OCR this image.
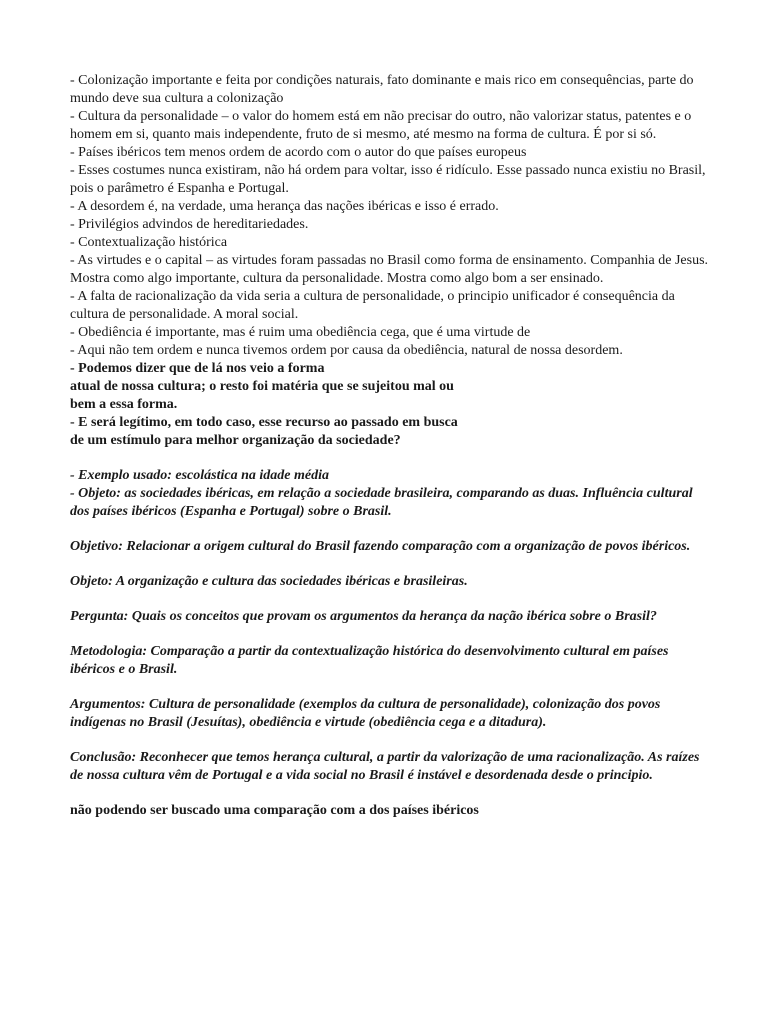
- Colonização importante e feita por condições naturais, fato dominante e mais rico em consequências, parte do mundo deve sua cultura a colonização

- Cultura da personalidade – o valor do homem está em não precisar do outro, não valorizar status, patentes e o homem em si, quanto mais independente, fruto de si mesmo, até mesmo na forma de cultura. É por si só.

- Países ibéricos tem menos ordem de acordo com o autor do que países europeus

- Esses costumes nunca existiram, não há ordem para voltar, isso é ridículo. Esse passado nunca existiu no Brasil, pois o parâmetro é Espanha e Portugal.

- A desordem é, na verdade, uma herança das nações ibéricas e isso é errado.

- Privilégios advindos de hereditariedades.

- Contextualização histórica

- As virtudes e o capital – as virtudes foram passadas no Brasil como forma de ensinamento. Companhia de Jesus. Mostra como algo importante, cultura da personalidade. Mostra como algo bom a ser ensinado.

- A falta de racionalização da vida seria a cultura de personalidade, o principio unificador é consequência da cultura de personalidade. A moral social.

- Obediência é importante, mas é ruim uma obediência cega, que é uma virtude de

- Aqui não tem ordem e nunca tivemos ordem por causa da obediência, natural de nossa desordem.

- Podemos dizer que de lá nos veio a forma

atual de nossa cultura; o resto foi matéria que se sujeitou mal ou

bem a essa forma.

- E será legítimo, em todo caso, esse recurso ao passado em busca

de um estímulo para melhor organização da sociedade?

- Exemplo usado: escolástica na idade média

- Objeto: as sociedades ibéricas, em relação a sociedade brasileira, comparando as duas. Influência cultural dos países ibéricos (Espanha e Portugal) sobre o Brasil.

Objetivo: Relacionar a origem cultural do Brasil fazendo comparação com a organização de povos ibéricos.

Objeto: A organização e cultura das sociedades ibéricas e brasileiras.

Pergunta: Quais os conceitos que provam os argumentos da herança da nação ibérica sobre o Brasil?

Metodologia: Comparação a partir da contextualização histórica do desenvolvimento cultural em países ibéricos e o Brasil.

Argumentos: Cultura de personalidade (exemplos da cultura de personalidade), colonização dos povos indígenas no Brasil (Jesuítas), obediência e virtude (obediência cega e a ditadura).

Conclusão: Reconhecer que temos herança cultural, a partir da valorização de uma racionalização. As raízes de nossa cultura vêm de Portugal e a vida social no Brasil é instável e desordenada desde o principio.

não podendo ser buscado uma comparação com a dos países ibéricos
